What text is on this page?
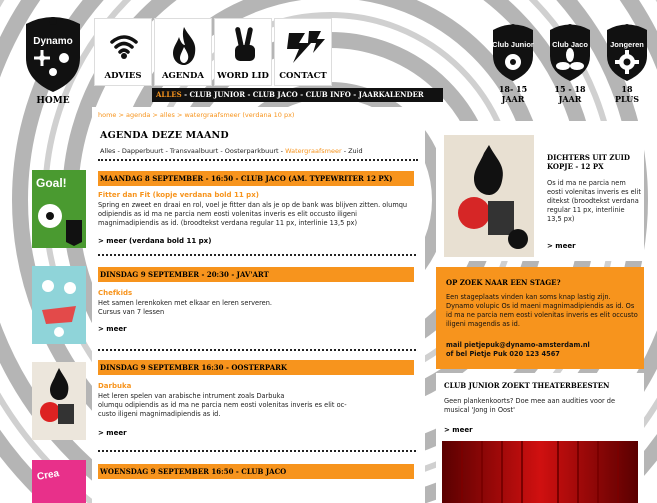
Dynamo
HOME
ADVIES	AGENDA	WORD LID	CONTACT
Club Junior
18- 15
JAAR
Club Jaco
15 - 18
JAAR
Jongeren
18
PLUS
ALLES - CLUB JUNIOR - CLUB JACO - CLUB INFO - JAARKALENDER
home > agenda > alles > watergraafsmeer (verdana 10 px)
AGENDA DEZE MAAND
Alles - Dapperbuurt - Transvaalbuurt - Oosterparkbuurt - Watergraafsmeer - Zuid
Goal!	MAANDAG 8 SEPTEMBER - 16:50 - CLUB JACO (AM. TYPEWRITER 12 PX)
Fitter dan Fit (kopje verdana bold 11 px)
Spring en zweet en draai en rol, voel je fitter dan als je op de bank was blijven zitten. olumqu odipiendis as id ma ne parcia nem eosti volenitas inveris es elit occusto iligeni magnimadipiendis as id. (broodtekst verdana regular 11 px, interlinie 13,5 px)
> meer (verdana bold 11 px)
DINSDAG 9 SEPTEMBER - 20:30 - JAV'ART
Chefkids
Het samen lerenkoken met elkaar en leren serveren.
Cursus van 7 lessen
> meer
DINSDAG 9 SEPTEMBER 16:30 - OOSTERPARK
Darbuka
Het leren spelen van arabische intrument zoals Darbuka
olumqu odipiendis as id ma ne parcia nem eosti volenitas inveris es elit oc-
custo iligeni magnimadipiendis as id.
> meer
Crea	WOENSDAG 9 SEPTEMBER 16:50 - CLUB JACO
DICHTERS UIT ZUID KOPJE - 12 PX
Os id ma ne parcia nem eosti volenitas inveris es elit ditekst (broodtekst verdana regular 11 px, interlinie 13,5 px)
> meer
OP ZOEK NAAR EEN STAGE?
Een stageplaats vinden kan soms knap lastig zijn. Dynamo volupic Os id maeni magnimadipiendis as id. Os id ma ne parcia nem eosti volenitas inveris es elit occusto iligeni magendis as id.
mail pietjepuk@dynamo-amsterdam.nl
of bel Pietje Puk 020 123 4567
CLUB JUNIOR ZOEKT THEATERBEESTEN
Geen plankenkoorts? Doe mee aan audities voor de musical 'Jong in Oost'
> meer
